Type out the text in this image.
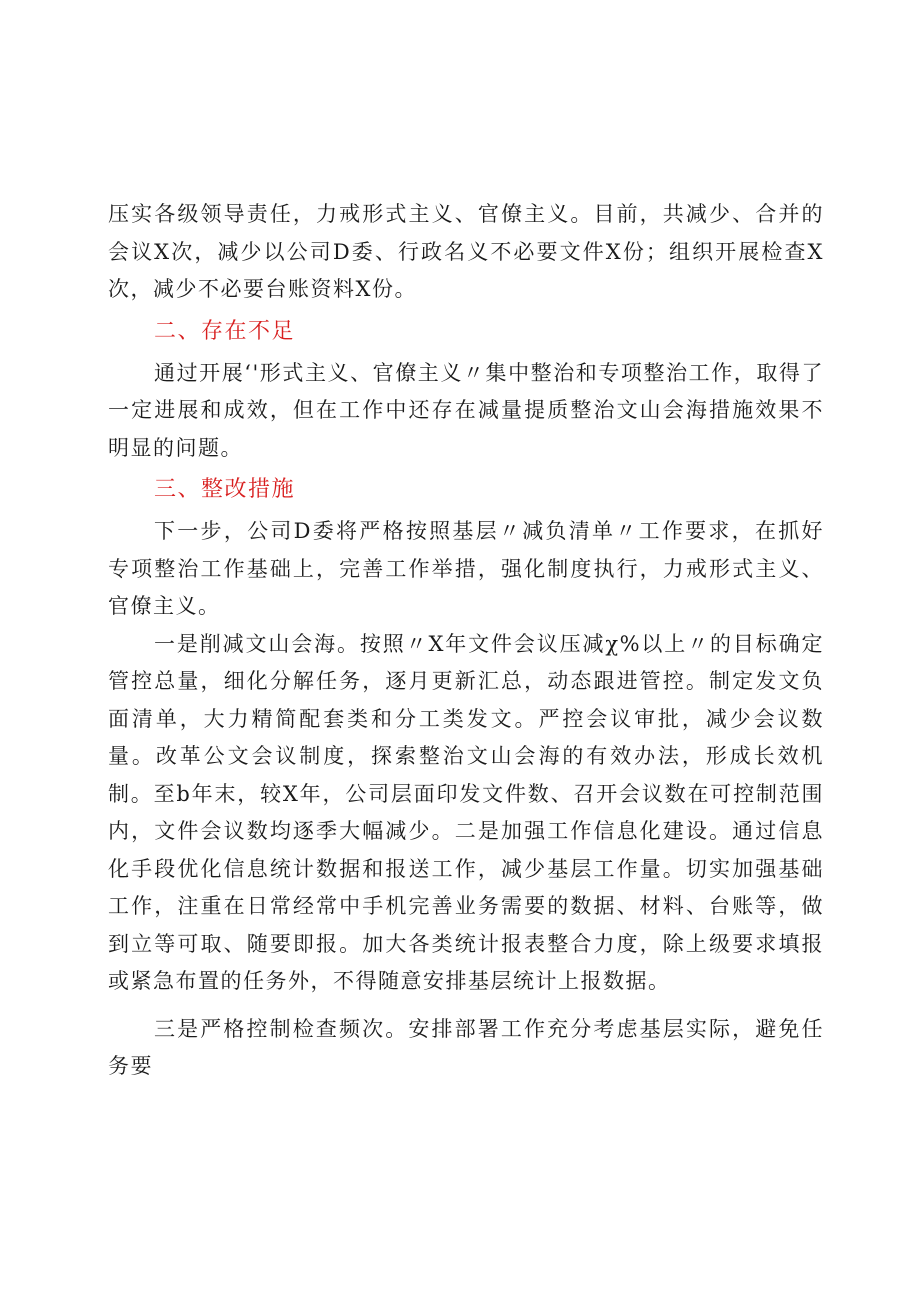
压实各级领导责任，力戒形式主义、官僚主义。目前，共减少、合并的会议X次，减少以公司D委、行政名义不必要文件X份；组织开展检查X次，减少不必要台账资料X份。

二、存在不足

通过开展‘'形式主义、官僚主义〃集中整治和专项整治工作，取得了一定进展和成效，但在工作中还存在减量提质整治文山会海措施效果不明显的问题。

三、整改措施

下一步，公司D委将严格按照基层〃减负清单〃工作要求，在抓好专项整治工作基础上，完善工作举措，强化制度执行，力戒形式主义、官僚主义。

一是削减文山会海。按照〃X年文件会议压减χ%以上〃的目标确定管控总量，细化分解任务，逐月更新汇总，动态跟进管控。制定发文负面清单，大力精简配套类和分工类发文。严控会议审批，减少会议数量。改革公文会议制度，探索整治文山会海的有效办法，形成长效机制。至b年末，较X年，公司层面印发文件数、召开会议数在可控制范围内，文件会议数均逐季大幅减少。二是加强工作信息化建设。通过信息化手段优化信息统计数据和报送工作，减少基层工作量。切实加强基础工作，注重在日常经常中手机完善业务需要的数据、材料、台账等，做到立等可取、随要即报。加大各类统计报表整合力度，除上级要求填报或紧急布置的任务外，不得随意安排基层统计上报数据。

三是严格控制检查频次。安排部署工作充分考虑基层实际，避免任务要
